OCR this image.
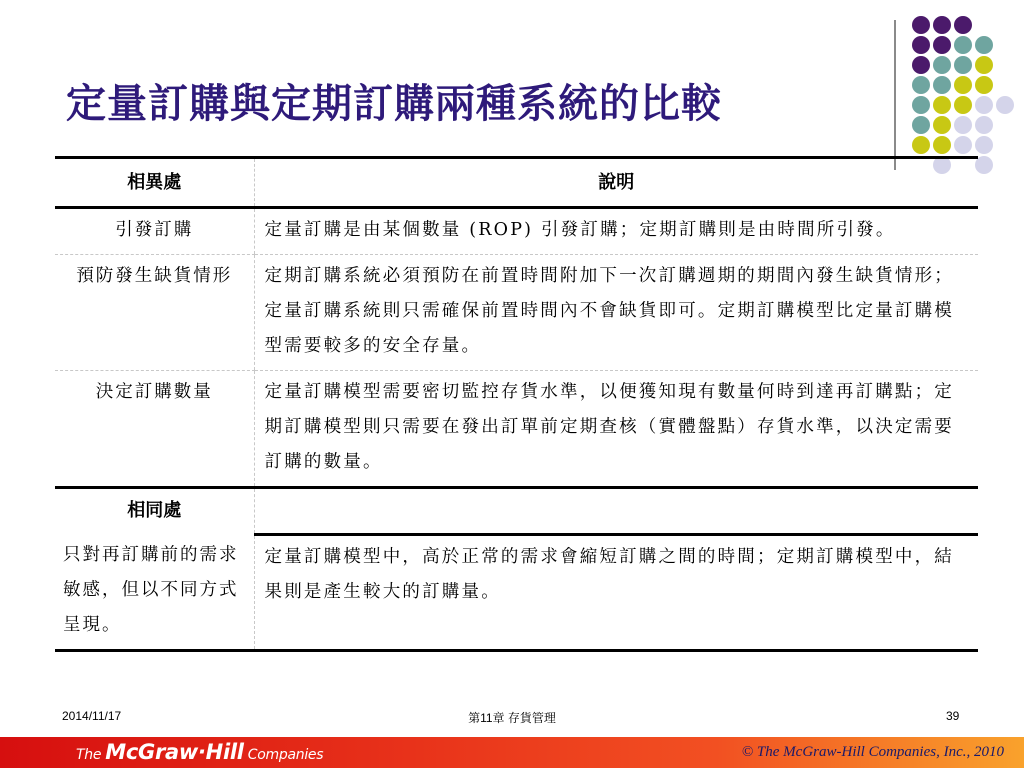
定量訂購與定期訂購兩種系統的比較
相異處	說明
引發訂購	定量訂購是由某個數量 (ROP) 引發訂購；定期訂購則是由時間所引發。
預防發生缺貨情形	定期訂購系統必須預防在前置時間附加下一次訂購週期的期間內發生缺貨情形；定量訂購系統則只需確保前置時間內不會缺貨即可。定期訂購模型比定量訂購模型需要較多的安全存量。
決定訂購數量	定量訂購模型需要密切監控存貨水準，以便獲知現有數量何時到達再訂購點；定期訂購模型則只需要在發出訂單前定期查核（實體盤點）存貨水準，以決定需要訂購的數量。
相同處	
只對再訂購前的需求敏感，但以不同方式呈現。	定量訂購模型中，高於正常的需求會縮短訂購之間的時間；定期訂購模型中，結果則是產生較大的訂購量。
2014/11/17	第11章 存貨管理	39
The McGraw·Hill Companies	© The McGraw-Hill Companies, Inc., 2010
